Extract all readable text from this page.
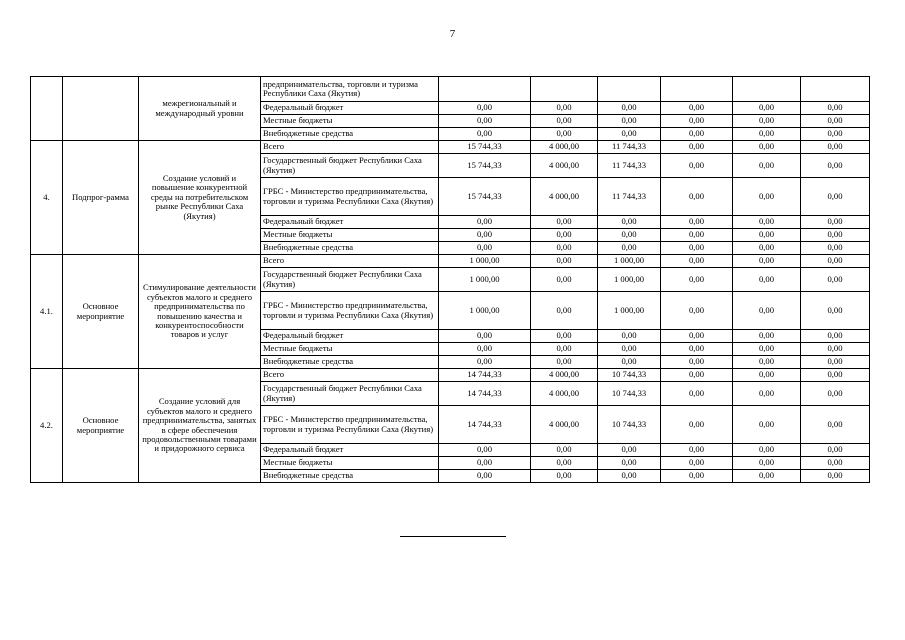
7
		межрегиональный и международный уровни	предпринимательства, торговли и туризма Республики Саха (Якутия)						
			Федеральный бюджет	0,00	0,00	0,00	0,00	0,00	0,00
			Местные бюджеты	0,00	0,00	0,00	0,00	0,00	0,00
			Внебюджетные средства	0,00	0,00	0,00	0,00	0,00	0,00
4.	Подпрог-рамма	Создание условий и повышение конкурентной среды на потребительском рынке Республики Саха (Якутия)	Всего	15 744,33	4 000,00	11 744,33	0,00	0,00	0,00
			Государственный бюджет Республики Саха (Якутия)	15 744,33	4 000,00	11 744,33	0,00	0,00	0,00
			ГРБС - Министерство предпринимательства, торговли и туризма Республики Саха (Якутия)	15 744,33	4 000,00	11 744,33	0,00	0,00	0,00
			Федеральный бюджет	0,00	0,00	0,00	0,00	0,00	0,00
			Местные бюджеты	0,00	0,00	0,00	0,00	0,00	0,00
			Внебюджетные средства	0,00	0,00	0,00	0,00	0,00	0,00
4.1.	Основное мероприятие	Стимулирование деятельности субъектов малого и среднего предпринимательства по повышению качества и конкурентоспособности товаров и услуг	Всего	1 000,00	0,00	1 000,00	0,00	0,00	0,00
			Государственный бюджет Республики Саха (Якутия)	1 000,00	0,00	1 000,00	0,00	0,00	0,00
			ГРБС - Министерство предпринимательства, торговли и туризма Республики Саха (Якутия)	1 000,00	0,00	1 000,00	0,00	0,00	0,00
			Федеральный бюджет	0,00	0,00	0,00	0,00	0,00	0,00
			Местные бюджеты	0,00	0,00	0,00	0,00	0,00	0,00
			Внебюджетные средства	0,00	0,00	0,00	0,00	0,00	0,00
4.2.	Основное мероприятие	Создание условий для субъектов малого и среднего предпринимательства, занятых в сфере обеспечения продовольственными товарами и придорожного сервиса	Всего	14 744,33	4 000,00	10 744,33	0,00	0,00	0,00
			Государственный бюджет Республики Саха (Якутия)	14 744,33	4 000,00	10 744,33	0,00	0,00	0,00
			ГРБС - Министерство предпринимательства, торговли и туризма Республики Саха (Якутия)	14 744,33	4 000,00	10 744,33	0,00	0,00	0,00
			Федеральный бюджет	0,00	0,00	0,00	0,00	0,00	0,00
			Местные бюджеты	0,00	0,00	0,00	0,00	0,00	0,00
			Внебюджетные средства	0,00	0,00	0,00	0,00	0,00	0,00
